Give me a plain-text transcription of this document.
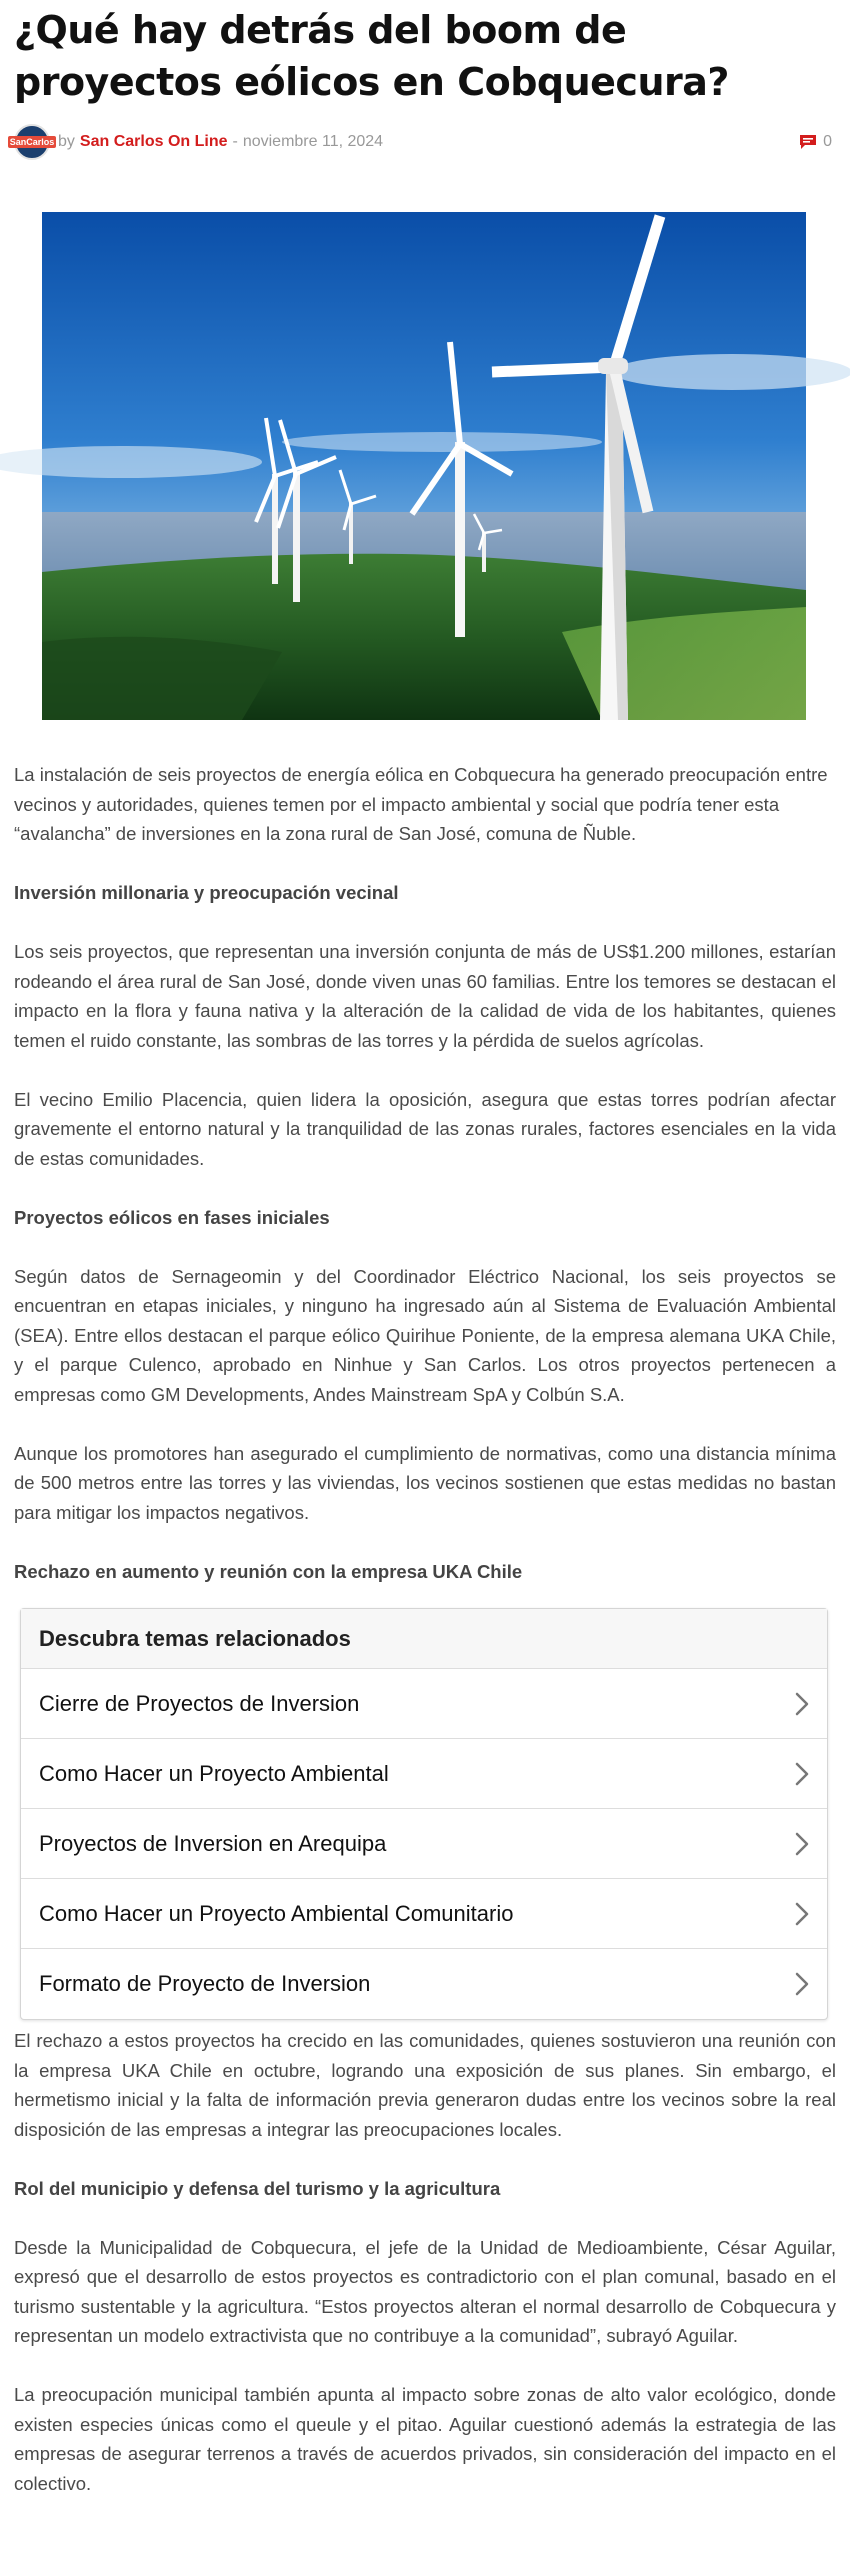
¿Qué hay detrás del boom de proyectos eólicos en Cobquecura?
SanCarlos by San Carlos On Line - noviembre 11, 2024	0

La instalación de seis proyectos de energía eólica en Cobquecura ha generado preocupación entre vecinos y autoridades, quienes temen por el impacto ambiental y social que podría tener esta “avalancha” de inversiones en la zona rural de San José, comuna de Ñuble.

Inversión millonaria y preocupación vecinal

Los seis proyectos, que representan una inversión conjunta de más de US$1.200 millones, estarían rodeando el área rural de San José, donde viven unas 60 familias. Entre los temores se destacan el impacto en la flora y fauna nativa y la alteración de la calidad de vida de los habitantes, quienes temen el ruido constante, las sombras de las torres y la pérdida de suelos agrícolas.

El vecino Emilio Placencia, quien lidera la oposición, asegura que estas torres podrían afectar gravemente el entorno natural y la tranquilidad de las zonas rurales, factores esenciales en la vida de estas comunidades.

Proyectos eólicos en fases iniciales

Según datos de Sernageomin y del Coordinador Eléctrico Nacional, los seis proyectos se encuentran en etapas iniciales, y ninguno ha ingresado aún al Sistema de Evaluación Ambiental (SEA). Entre ellos destacan el parque eólico Quirihue Poniente, de la empresa alemana UKA Chile, y el parque Culenco, aprobado en Ninhue y San Carlos. Los otros proyectos pertenecen a empresas como GM Developments, Andes Mainstream SpA y Colbún S.A.

Aunque los promotores han asegurado el cumplimiento de normativas, como una distancia mínima de 500 metros entre las torres y las viviendas, los vecinos sostienen que estas medidas no bastan para mitigar los impactos negativos.

Rechazo en aumento y reunión con la empresa UKA Chile
Descubra temas relacionados
Cierre de Proyectos de Inversion
Como Hacer un Proyecto Ambiental
Proyectos de Inversion en Arequipa
Como Hacer un Proyecto Ambiental Comunitario
Formato de Proyecto de Inversion

El rechazo a estos proyectos ha crecido en las comunidades, quienes sostuvieron una reunión con la empresa UKA Chile en octubre, logrando una exposición de sus planes. Sin embargo, el hermetismo inicial y la falta de información previa generaron dudas entre los vecinos sobre la real disposición de las empresas a integrar las preocupaciones locales.

Rol del municipio y defensa del turismo y la agricultura

Desde la Municipalidad de Cobquecura, el jefe de la Unidad de Medioambiente, César Aguilar, expresó que el desarrollo de estos proyectos es contradictorio con el plan comunal, basado en el turismo sustentable y la agricultura. “Estos proyectos alteran el normal desarrollo de Cobquecura y representan un modelo extractivista que no contribuye a la comunidad”, subrayó Aguilar.

La preocupación municipal también apunta al impacto sobre zonas de alto valor ecológico, donde existen especies únicas como el queule y el pitao. Aguilar cuestionó además la estrategia de las empresas de asegurar terrenos a través de acuerdos privados, sin consideración del impacto en el colectivo.
